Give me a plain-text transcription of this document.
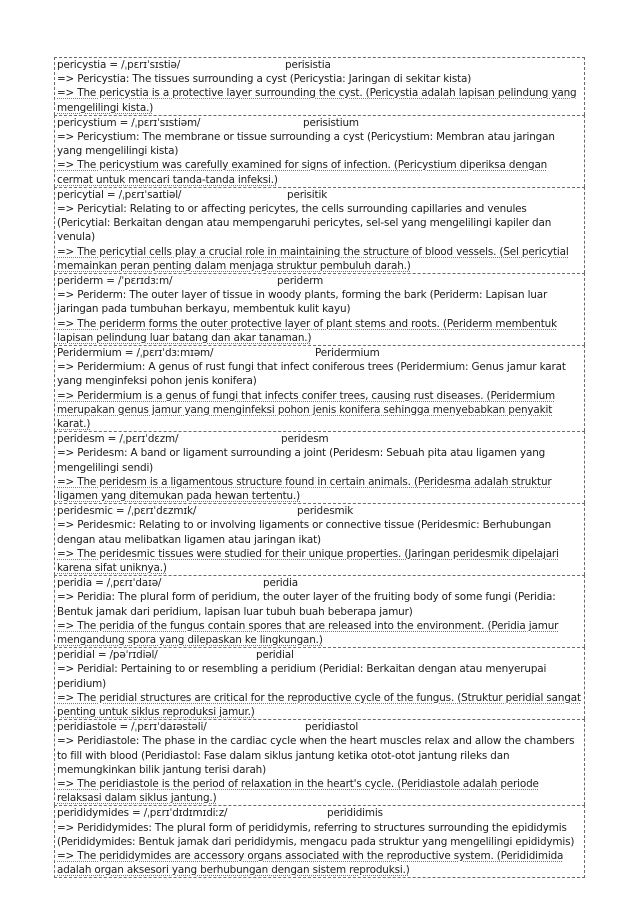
pericystia = /ˌpɛrɪˈsɪstiə/

	perisistia

=> Pericystia: The tissues surrounding a cyst (Pericystia: Jaringan di sekitar kista)
=> The pericystia is a protective layer surrounding the cyst. (Pericystia adalah lapisan pelindung yang mengelilingi kista.)

pericystium = /ˌpɛrɪˈsɪstiəm/

	perisistium

=> Pericystium: The membrane or tissue surrounding a cyst (Pericystium: Membran atau jaringan yang mengelilingi kista)
=> The pericystium was carefully examined for signs of infection. (Pericystium diperiksa dengan cermat untuk mencari tanda-tanda infeksi.)

pericytial = /ˌpɛrɪˈsaɪtiəl/

	perisitik

=> Pericytial: Relating to or affecting pericytes, the cells surrounding capillaries and venules (Pericytial: Berkaitan dengan atau mempengaruhi pericytes, sel-sel yang mengelilingi kapiler dan venula)
=> The pericytial cells play a crucial role in maintaining the structure of blood vessels. (Sel pericytial memainkan peran penting dalam menjaga struktur pembuluh darah.)

periderm = /ˈpɛrɪdɜːm/

	periderm

=> Periderm: The outer layer of tissue in woody plants, forming the bark (Periderm: Lapisan luar jaringan pada tumbuhan berkayu, membentuk kulit kayu)
=> The periderm forms the outer protective layer of plant stems and roots. (Periderm membentuk lapisan pelindung luar batang dan akar tanaman.)

Peridermium = /ˌpɛrɪˈdɜːmɪəm/

	Peridermium

=> Peridermium: A genus of rust fungi that infect coniferous trees (Peridermium: Genus jamur karat yang menginfeksi pohon jenis konifera)
=> Peridermium is a genus of fungi that infects conifer trees, causing rust diseases. (Peridermium merupakan genus jamur yang menginfeksi pohon jenis konifera sehingga menyebabkan penyakit karat.)

peridesm = /ˌpɛrɪˈdɛzm/

	peridesm

=> Peridesm: A band or ligament surrounding a joint (Peridesm: Sebuah pita atau ligamen yang mengelilingi sendi)
=> The peridesm is a ligamentous structure found in certain animals. (Peridesma adalah struktur ligamen yang ditemukan pada hewan tertentu.)

peridesmic = /ˌpɛrɪˈdɛzmɪk/

	peridesmik

=> Peridesmic: Relating to or involving ligaments or connective tissue (Peridesmic: Berhubungan dengan atau melibatkan ligamen atau jaringan ikat)
=> The peridesmic tissues were studied for their unique properties. (Jaringan peridesmik dipelajari karena sifat uniknya.)

peridia = /ˌpɛrɪˈdaɪə/

	peridia

=> Peridia: The plural form of peridium, the outer layer of the fruiting body of some fungi (Peridia: Bentuk jamak dari peridium, lapisan luar tubuh buah beberapa jamur)
=> The peridia of the fungus contain spores that are released into the environment. (Peridia jamur mengandung spora yang dilepaskan ke lingkungan.)

peridial = /pəˈrɪdiəl/

	peridial

=> Peridial: Pertaining to or resembling a peridium (Peridial: Berkaitan dengan atau menyerupai peridium)
=> The peridial structures are critical for the reproductive cycle of the fungus. (Struktur peridial sangat penting untuk siklus reproduksi jamur.)

peridiastole = /ˌpɛrɪˈdaɪəstəli/

	peridiastol

=> Peridiastole: The phase in the cardiac cycle when the heart muscles relax and allow the chambers to fill with blood (Peridiastol: Fase dalam siklus jantung ketika otot-otot jantung rileks dan memungkinkan bilik jantung terisi darah)
=> The peridiastole is the period of relaxation in the heart's cycle. (Peridiastole adalah periode relaksasi dalam siklus jantung.)

perididymides = /ˌpɛrɪˈdɪdɪmɪdiːz/

	perididimis

=> Perididymides: The plural form of perididymis, referring to structures surrounding the epididymis (Perididymides: Bentuk jamak dari perididymis, mengacu pada struktur yang mengelilingi epididymis)
=> The perididymides are accessory organs associated with the reproductive system. (Perididimida adalah organ aksesori yang berhubungan dengan sistem reproduksi.)
